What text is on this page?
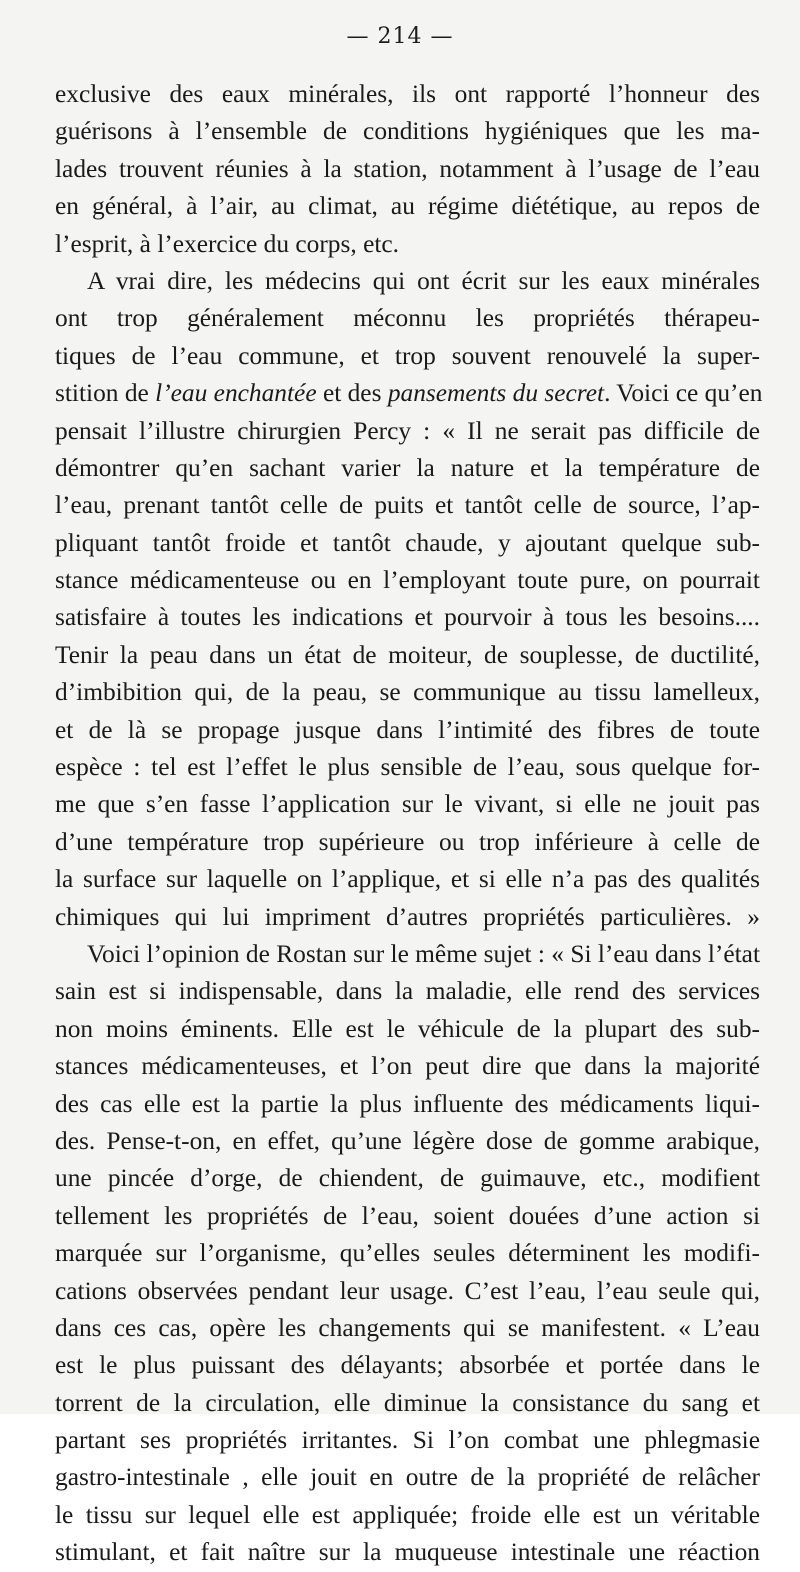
— 214 —
exclusive des eaux minérales, ils ont rapporté l’honneur des
guérisons à l’ensemble de conditions hygiéniques que les ma-
lades trouvent réunies à la station, notamment à l’usage de l’eau
en général, à l’air, au climat, au régime diététique, au repos de
l’esprit, à l’exercice du corps, etc.
A vrai dire, les médecins qui ont écrit sur les eaux minérales
ont trop généralement méconnu les propriétés thérapeu-
tiques de l’eau commune, et trop souvent renouvelé la super-
stition de l’eau enchantée et des pansements du secret. Voici ce qu’en
pensait l’illustre chirurgien Percy : « Il ne serait pas difficile de
démontrer qu’en sachant varier la nature et la température de
l’eau, prenant tantôt celle de puits et tantôt celle de source, l’ap-
pliquant tantôt froide et tantôt chaude, y ajoutant quelque sub-
stance médicamenteuse ou en l’employant toute pure, on pourrait
satisfaire à toutes les indications et pourvoir à tous les besoins....
Tenir la peau dans un état de moiteur, de souplesse, de ductilité,
d’imbibition qui, de la peau, se communique au tissu lamelleux,
et de là se propage jusque dans l’intimité des fibres de toute
espèce : tel est l’effet le plus sensible de l’eau, sous quelque for-
me que s’en fasse l’application sur le vivant, si elle ne jouit pas
d’une température trop supérieure ou trop inférieure à celle de
la surface sur laquelle on l’applique, et si elle n’a pas des qualités
chimiques qui lui impriment d’autres propriétés particulières. »
Voici l’opinion de Rostan sur le même sujet : « Si l’eau dans l’état
sain est si indispensable, dans la maladie, elle rend des services
non moins éminents. Elle est le véhicule de la plupart des sub-
stances médicamenteuses, et l’on peut dire que dans la majorité
des cas elle est la partie la plus influente des médicaments liqui-
des. Pense-t-on, en effet, qu’une légère dose de gomme arabique,
une pincée d’orge, de chiendent, de guimauve, etc., modifient
tellement les propriétés de l’eau, soient douées d’une action si
marquée sur l’organisme, qu’elles seules déterminent les modifi-
cations observées pendant leur usage. C’est l’eau, l’eau seule qui,
dans ces cas, opère les changements qui se manifestent. « L’eau
est le plus puissant des délayants; absorbée et portée dans le
torrent de la circulation, elle diminue la consistance du sang et
partant ses propriétés irritantes. Si l’on combat une phlegmasie
gastro-intestinale , elle jouit en outre de la propriété de relâcher
le tissu sur lequel elle est appliquée; froide elle est un véritable
stimulant, et fait naître sur la muqueuse intestinale une réaction
